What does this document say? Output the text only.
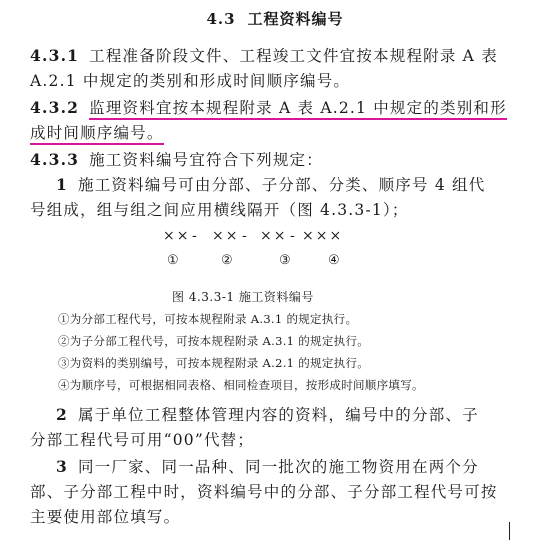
4.3 工程资料编号
4.3.1 工程准备阶段文件、工程竣工文件宜按本规程附录 A 表
A.2.1 中规定的类别和形成时间顺序编号。
4.3.2 监理资料宜按本规程附录 A 表 A.2.1 中规定的类别和形
成时间顺序编号。
4.3.3 施工资料编号宜符合下列规定：
1 施工资料编号可由分部、子分部、分类、顺序号 4 组代
号组成，组与组之间应用横线隔开（图 4.3.3-1）；
×× - ×× - ×× - ×××
①	②	③	④
图 4.3.3-1 施工资料编号
①为分部工程代号，可按本规程附录 A.3.1 的规定执行。
②为子分部工程代号，可按本规程附录 A.3.1 的规定执行。
③为资料的类别编号，可按本规程附录 A.2.1 的规定执行。
④为顺序号，可根据相同表格、相同检查项目，按形成时间顺序填写。
2 属于单位工程整体管理内容的资料，编号中的分部、子
分部工程代号可用“00”代替；
3 同一厂家、同一品种、同一批次的施工物资用在两个分
部、子分部工程中时，资料编号中的分部、子分部工程代号可按
主要使用部位填写。
